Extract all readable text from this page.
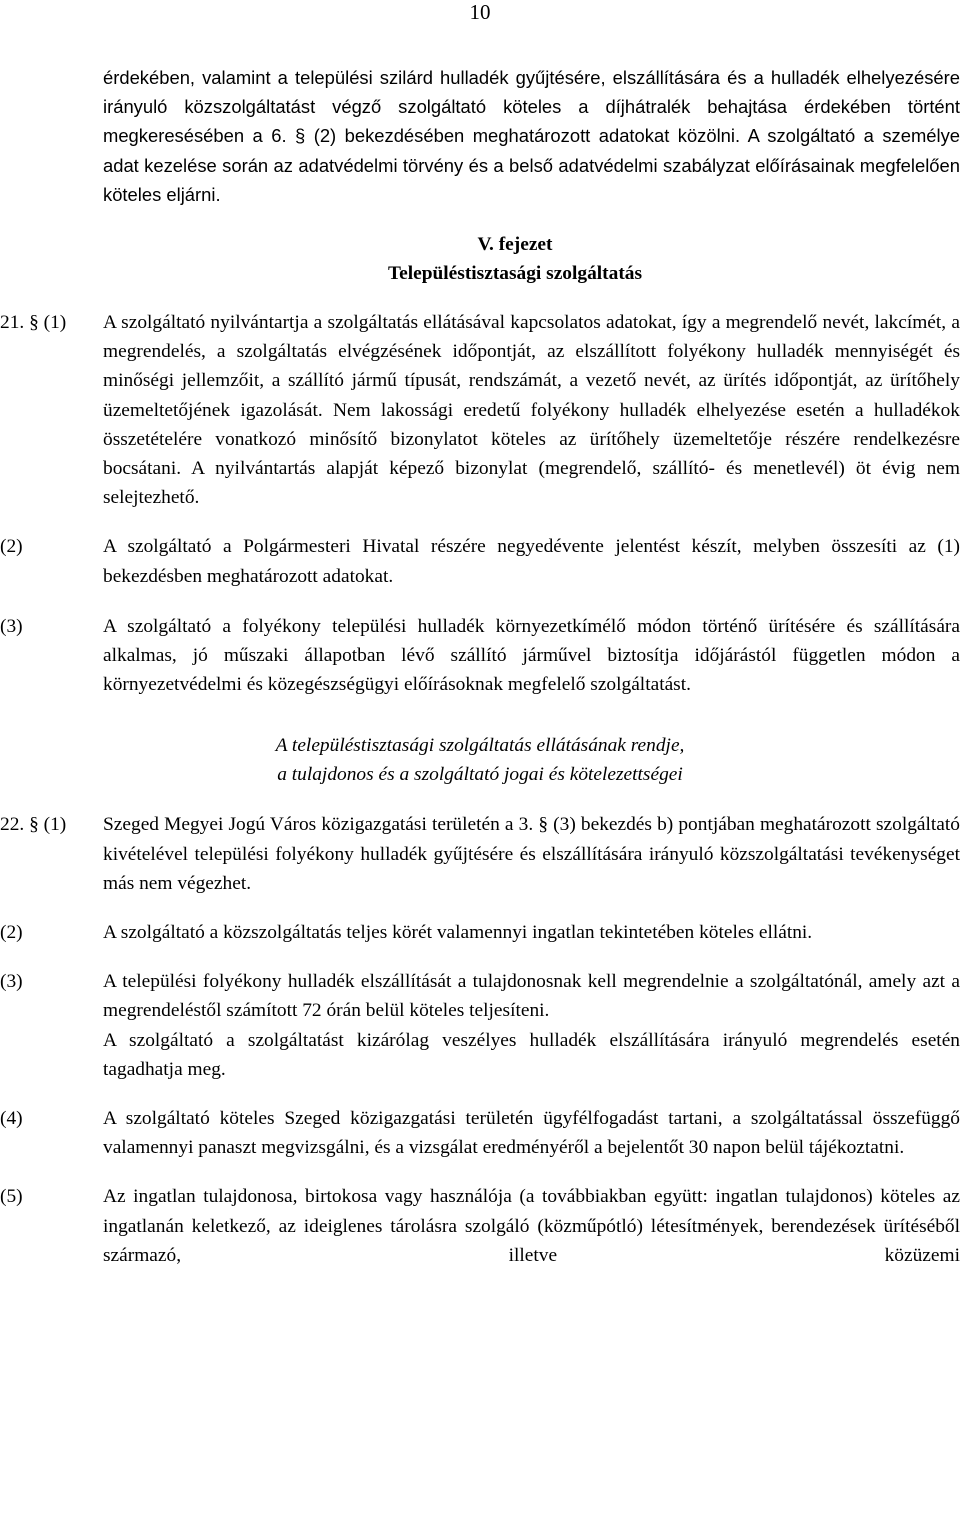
10

érdekében, valamint a települési szilárd hulladék gyűjtésére, elszállítására és a hulladék elhelyezésére irányuló közszolgáltatást végző szolgáltató köteles a díjhátralék behajtása érdekében történt megkeresésében a 6. § (2) bekezdésében meghatározott adatokat közölni. A szolgáltató a személye adat kezelése során az adatvédelmi törvény és a belső adatvédelmi szabályzat előírásainak megfelelően köteles eljárni.

V. fejezet

Településtisztasági szolgáltatás

21. § (1)	A szolgáltató nyilvántartja a szolgáltatás ellátásával kapcsolatos adatokat, így a megrendelő nevét, lakcímét, a megrendelés, a szolgáltatás elvégzésének időpontját, az elszállított folyékony hulladék mennyiségét és minőségi jellemzőit, a szállító jármű típusát, rendszámát, a vezető nevét, az ürítés időpontját, az ürítőhely üzemeltetőjének igazolását. Nem lakossági eredetű folyékony hulladék elhelyezése esetén a hulladékok összetételére vonatkozó minősítő bizonylatot köteles az ürítőhely üzemeltetője részére rendelkezésre bocsátani. A nyilvántartás alapját képező bizonylat (megrendelő, szállító- és menetlevél) öt évig nem selejtezhető.

(2)	A szolgáltató a Polgármesteri Hivatal részére negyedévente jelentést készít, melyben összesíti az (1) bekezdésben meghatározott adatokat.

(3)	A szolgáltató a folyékony települési hulladék környezetkímélő módon történő ürítésére és szállítására alkalmas, jó műszaki állapotban lévő szállító járművel biztosítja időjárástól független módon a környezetvédelmi és közegészségügyi előírásoknak megfelelő szolgáltatást.

A településtisztasági szolgáltatás ellátásának rendje,

a tulajdonos és a szolgáltató jogai és kötelezettségei

22. § (1)	Szeged Megyei Jogú Város közigazgatási területén a 3. § (3) bekezdés b) pontjában meghatározott szolgáltató kivételével települési folyékony hulladék gyűjtésére és elszállítására irányuló közszolgáltatási tevékenységet más nem végezhet.

(2)	A szolgáltató a közszolgáltatás teljes körét valamennyi ingatlan tekintetében köteles ellátni.

(3)	A települési folyékony hulladék elszállítását a tulajdonosnak kell megrendelnie a szolgáltatónál, amely azt a megrendeléstől számított 72 órán belül köteles teljesíteni.

A szolgáltató a szolgáltatást kizárólag veszélyes hulladék elszállítására irányuló megrendelés esetén tagadhatja meg.

(4)	A szolgáltató köteles Szeged közigazgatási területén ügyfélfogadást tartani, a szolgáltatással összefüggő valamennyi panaszt megvizsgálni, és a vizsgálat eredményéről a bejelentőt 30 napon belül tájékoztatni.

(5)	Az ingatlan tulajdonosa, birtokosa vagy használója (a továbbiakban együtt: ingatlan tulajdonos) köteles az ingatlanán keletkező, az ideiglenes tárolásra szolgáló (közműpótló) létesítmények, berendezések ürítéséből származó, illetve közüzemi
